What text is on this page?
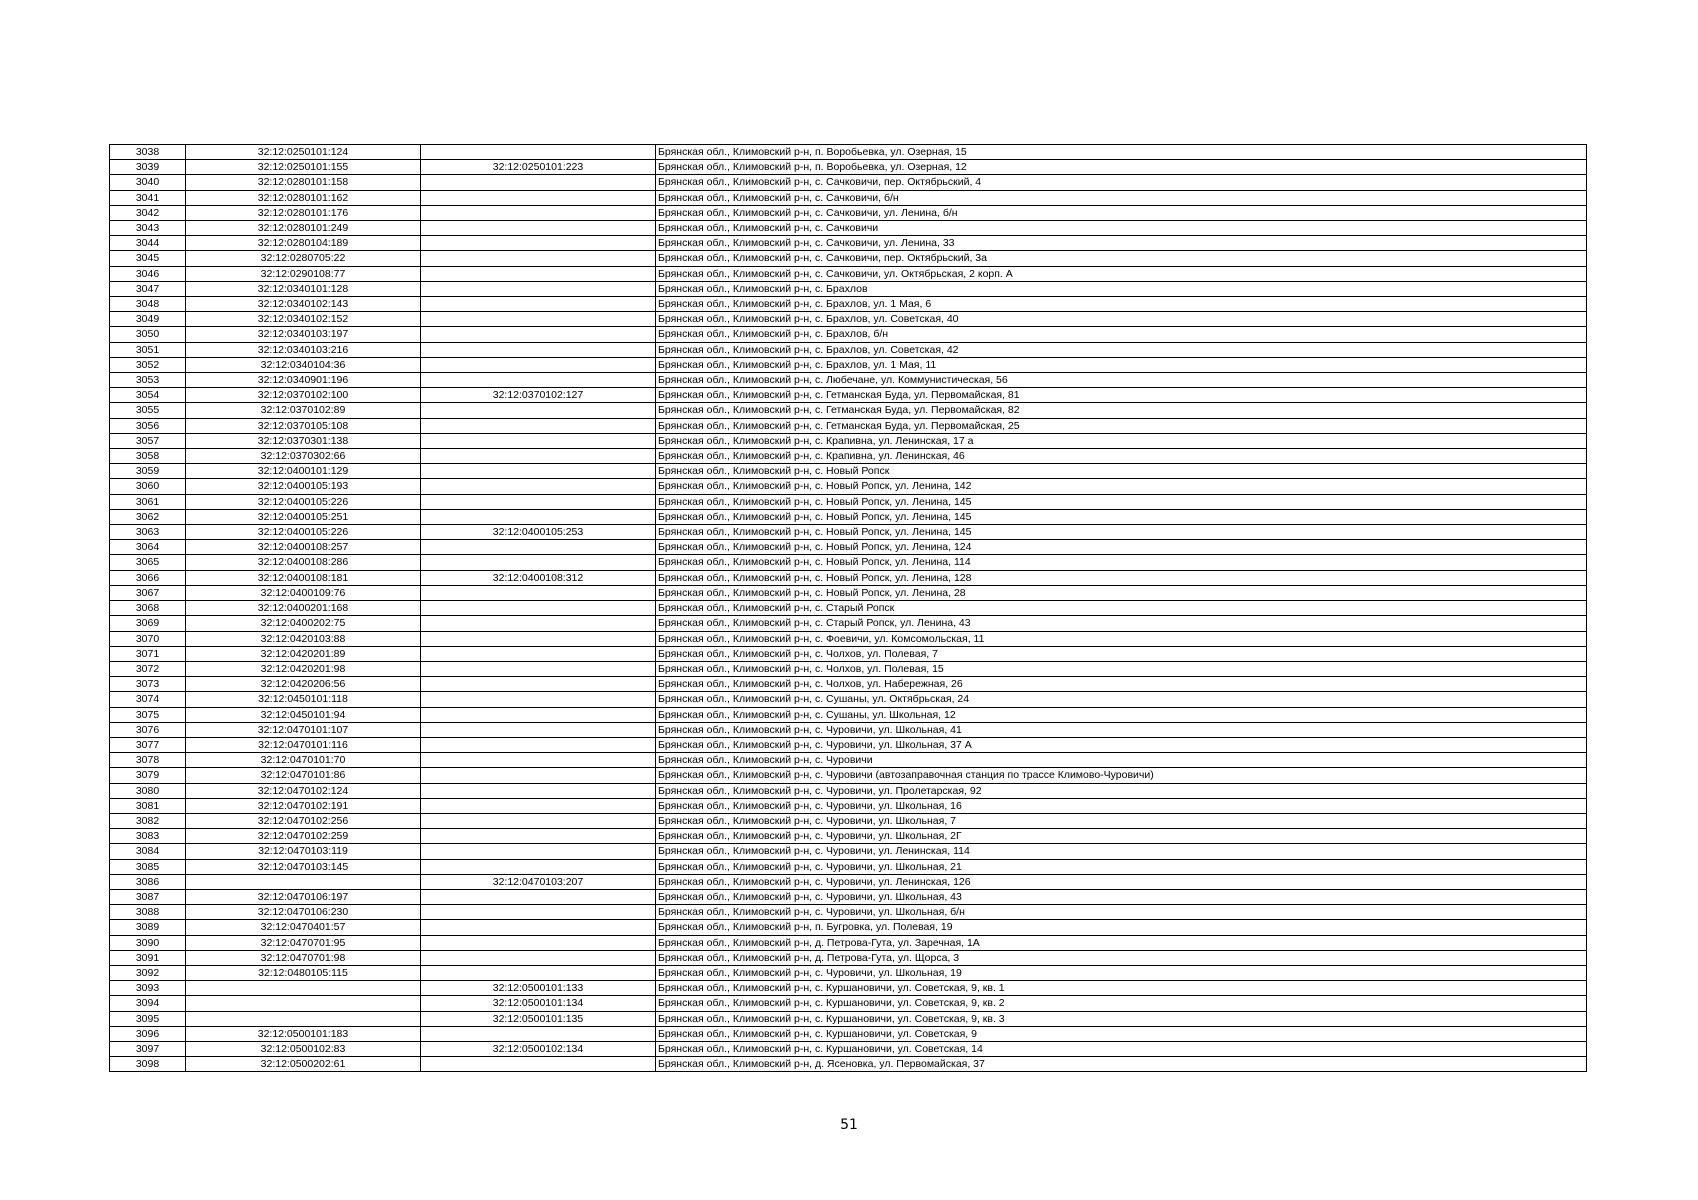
3038	32:12:0250101:124		Брянская обл., Климовский р-н, п. Воробьевка, ул. Озерная, 15
3039	32:12:0250101:155	32:12:0250101:223	Брянская обл., Климовский р-н, п. Воробьевка, ул. Озерная, 12
3040	32:12:0280101:158		Брянская обл., Климовский р-н, с. Сачковичи, пер. Октябрьский, 4
3041	32:12:0280101:162		Брянская обл., Климовский р-н, с. Сачковичи, б/н
3042	32:12:0280101:176		Брянская обл., Климовский р-н, с. Сачковичи, ул. Ленина, б/н
3043	32:12:0280101:249		Брянская обл., Климовский р-н, с. Сачковичи
3044	32:12:0280104:189		Брянская обл., Климовский р-н, с. Сачковичи, ул. Ленина, 33
3045	32:12:0280705:22		Брянская обл., Климовский р-н, с. Сачковичи, пер. Октябрьский, 3а
3046	32:12:0290108:77		Брянская обл., Климовский р-н, с. Сачковичи, ул. Октябрьская, 2 корп. А
3047	32:12:0340101:128		Брянская обл., Климовский р-н, с. Брахлов
3048	32:12:0340102:143		Брянская обл., Климовский р-н, с. Брахлов, ул. 1 Мая, 6
3049	32:12:0340102:152		Брянская обл., Климовский р-н, с. Брахлов, ул. Советская, 40
3050	32:12:0340103:197		Брянская обл., Климовский р-н, с. Брахлов, б/н
3051	32:12:0340103:216		Брянская обл., Климовский р-н, с. Брахлов, ул. Советская, 42
3052	32:12:0340104:36		Брянская обл., Климовский р-н, с. Брахлов, ул. 1 Мая, 11
3053	32:12:0340901:196		Брянская обл., Климовский р-н, с. Любечане, ул. Коммунистическая, 56
3054	32:12:0370102:100	32:12:0370102:127	Брянская обл., Климовский р-н, с. Гетманская Буда, ул. Первомайская, 81
3055	32:12:0370102:89		Брянская обл., Климовский р-н, с. Гетманская Буда, ул. Первомайская, 82
3056	32:12:0370105:108		Брянская обл., Климовский р-н, с. Гетманская Буда, ул. Первомайская, 25
3057	32:12:0370301:138		Брянская обл., Климовский р-н, с. Крапивна, ул. Ленинская, 17 а
3058	32:12:0370302:66		Брянская обл., Климовский р-н, с. Крапивна, ул. Ленинская, 46
3059	32:12:0400101:129		Брянская обл., Климовский р-н, с. Новый Ропск
3060	32:12:0400105:193		Брянская обл., Климовский р-н, с. Новый Ропск, ул. Ленина, 142
3061	32:12:0400105:226		Брянская обл., Климовский р-н, с. Новый Ропск, ул. Ленина, 145
3062	32:12:0400105:251		Брянская обл., Климовский р-н, с. Новый Ропск, ул. Ленина, 145
3063	32:12:0400105:226	32:12:0400105:253	Брянская обл., Климовский р-н, с. Новый Ропск, ул. Ленина, 145
3064	32:12:0400108:257		Брянская обл., Климовский р-н, с. Новый Ропск, ул. Ленина, 124
3065	32:12:0400108:286		Брянская обл., Климовский р-н, с. Новый Ропск, ул. Ленина, 114
3066	32:12:0400108:181	32:12:0400108:312	Брянская обл., Климовский р-н, с. Новый Ропск, ул. Ленина, 128
3067	32:12:0400109:76		Брянская обл., Климовский р-н, с. Новый Ропск, ул. Ленина, 28
3068	32:12:0400201:168		Брянская обл., Климовский р-н, с. Старый Ропск
3069	32:12:0400202:75		Брянская обл., Климовский р-н, с. Старый Ропск, ул. Ленина, 43
3070	32:12:0420103:88		Брянская обл., Климовский р-н, с. Фоевичи, ул. Комсомольская, 11
3071	32:12:0420201:89		Брянская обл., Климовский р-н, с. Чолхов, ул. Полевая, 7
3072	32:12:0420201:98		Брянская обл., Климовский р-н, с. Чолхов, ул. Полевая, 15
3073	32:12:0420206:56		Брянская обл., Климовский р-н, с. Чолхов, ул. Набережная, 26
3074	32:12:0450101:118		Брянская обл., Климовский р-н, с. Сушаны, ул. Октябрьская, 24
3075	32:12:0450101:94		Брянская обл., Климовский р-н, с. Сушаны, ул. Школьная, 12
3076	32:12:0470101:107		Брянская обл., Климовский р-н, с. Чуровичи, ул. Школьная, 41
3077	32:12:0470101:116		Брянская обл., Климовский р-н, с. Чуровичи, ул. Школьная, 37 А
3078	32:12:0470101:70		Брянская обл., Климовский р-н, с. Чуровичи
3079	32:12:0470101:86		Брянская обл., Климовский р-н, с. Чуровичи (автозаправочная станция по трассе Климово-Чуровичи)
3080	32:12:0470102:124		Брянская обл., Климовский р-н, с. Чуровичи, ул. Пролетарская, 92
3081	32:12:0470102:191		Брянская обл., Климовский р-н, с. Чуровичи, ул. Школьная, 16
3082	32:12:0470102:256		Брянская обл., Климовский р-н, с. Чуровичи, ул. Школьная, 7
3083	32:12:0470102:259		Брянская обл., Климовский р-н, с. Чуровичи, ул. Школьная, 2Г
3084	32:12:0470103:119		Брянская обл., Климовский р-н, с. Чуровичи, ул. Ленинская, 114
3085	32:12:0470103:145		Брянская обл., Климовский р-н, с. Чуровичи, ул. Школьная, 21
3086		32:12:0470103:207	Брянская обл., Климовский р-н, с. Чуровичи, ул. Ленинская, 126
3087	32:12:0470106:197		Брянская обл., Климовский р-н, с. Чуровичи, ул. Школьная, 43
3088	32:12:0470106:230		Брянская обл., Климовский р-н, с. Чуровичи, ул. Школьная, б/н
3089	32:12:0470401:57		Брянская обл., Климовский р-н, п. Бугровка, ул. Полевая, 19
3090	32:12:0470701:95		Брянская обл., Климовский р-н, д. Петрова-Гута, ул. Заречная, 1А
3091	32:12:0470701:98		Брянская обл., Климовский р-н, д. Петрова-Гута, ул. Щорса, 3
3092	32:12:0480105:115		Брянская обл., Климовский р-н, с. Чуровичи, ул. Школьная, 19
3093		32:12:0500101:133	Брянская обл., Климовский р-н, с. Куршановичи, ул. Советская, 9, кв. 1
3094		32:12:0500101:134	Брянская обл., Климовский р-н, с. Куршановичи, ул. Советская, 9, кв. 2
3095		32:12:0500101:135	Брянская обл., Климовский р-н, с. Куршановичи, ул. Советская, 9, кв. 3
3096	32:12:0500101:183		Брянская обл., Климовский р-н, с. Куршановичи, ул. Советская, 9
3097	32:12:0500102:83	32:12:0500102:134	Брянская обл., Климовский р-н, с. Куршановичи, ул. Советская, 14
3098	32:12:0500202:61		Брянская обл., Климовский р-н, д. Ясеновка, ул. Первомайская, 37
51
